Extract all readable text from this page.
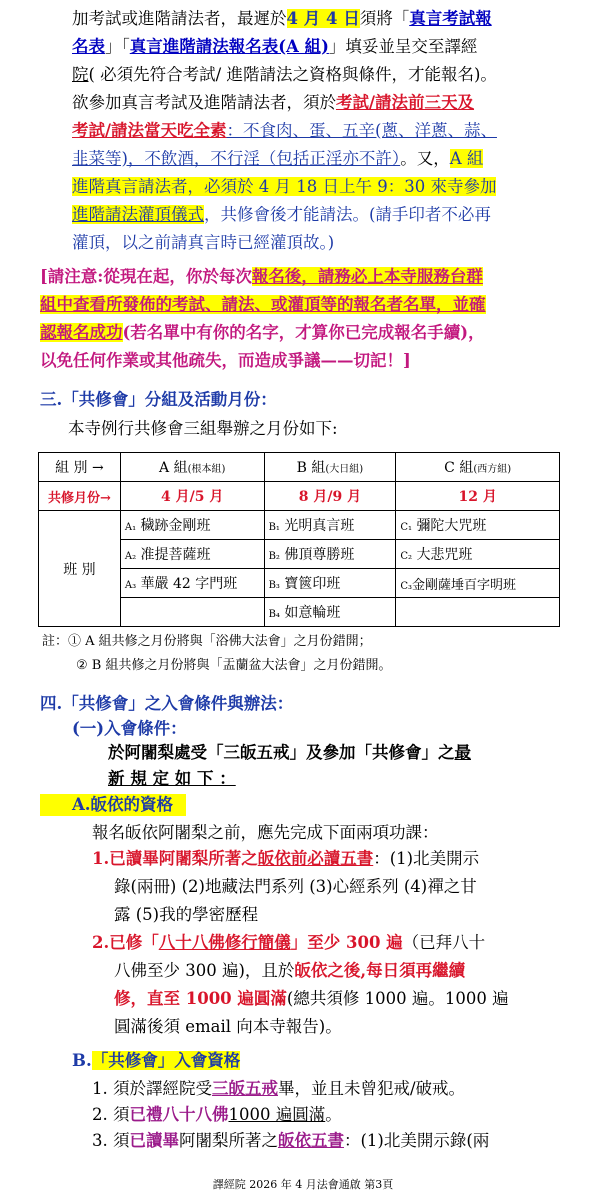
加考試或進階請法者，最遲於4 月 4 日須將「真言考試報
名表」「真言進階請法報名表(A 組)」填妥並呈交至譯經
院( 必須先符合考試/ 進階請法之資格與條件，才能報名)。
欲參加真言考試及進階請法者，須於考試/請法前三天及
考試/請法當天吃全素：不食肉、蛋、五辛(蔥、洋蔥、蒜、
韭菜等)，不飲酒，不行淫（包括正淫亦不許）。又，A 組
進階真言請法者，必須於 4 月 18 日上午 9：30 來寺參加
進階請法灌頂儀式，共修會後才能請法。(請手印者不必再
灌頂，以之前請真言時已經灌頂故。)
[請注意:從現在起，你於每次報名後，請務必上本寺服務台群
組中查看所發佈的考試、請法、或灌頂等的報名者名單，並確
認報名成功(若名單中有你的名字，才算你已完成報名手續)，
以免任何作業或其他疏失，而造成爭議——切記！]
三.「共修會」分組及活動月份：
本寺例行共修會三組舉辦之月份如下:
組 別 →	A 組(根本組)	B 組(大日組)	C 組(西方組)
共修月份→	4 月/5 月	8 月/9 月	12 月
班 別	A₁ 穢跡金剛班	B₁ 光明真言班	C₁ 彌陀大咒班
	A₂ 准提菩薩班	B₂ 佛頂尊勝班	C₂ 大悲咒班
	A₃ 華嚴 42 字門班	B₃ 寶篋印班	C₃金剛薩埵百字明班
		B₄ 如意輪班	
註：① A 組共修之月份將與「浴佛大法會」之月份錯開；
② B 組共修之月份將與「盂蘭盆大法會」之月份錯開。
四.「共修會」之入會條件與辦法：
(一)入會條件：
於阿闍梨處受「三皈五戒」及參加「共修會」之最
新 規 定 如 下 ：
A.皈依的資格
報名皈依阿闍梨之前，應先完成下面兩項功課：
1.已讀畢阿闍梨所著之皈依前必讀五書：(1)北美開示
錄(兩冊) (2)地藏法門系列 (3)心經系列 (4)禪之甘
露 (5)我的學密歷程
2.已修「八十八佛修行簡儀」至少 300 遍（已拜八十
八佛至少 300 遍)，且於皈依之後,每日須再繼續
修，直至 1000 遍圓滿(總共須修 1000 遍。1000 遍
圓滿後須 email 向本寺報告)。
B.「共修會」入會資格
1. 須於譯經院受三皈五戒畢，並且未曾犯戒/破戒。
2. 須已禮八十八佛1000 遍圓滿。
3. 須已讀畢阿闍梨所著之皈依五書：(1)北美開示錄(兩
譯經院 2026 年 4 月法會通啟 第3頁
